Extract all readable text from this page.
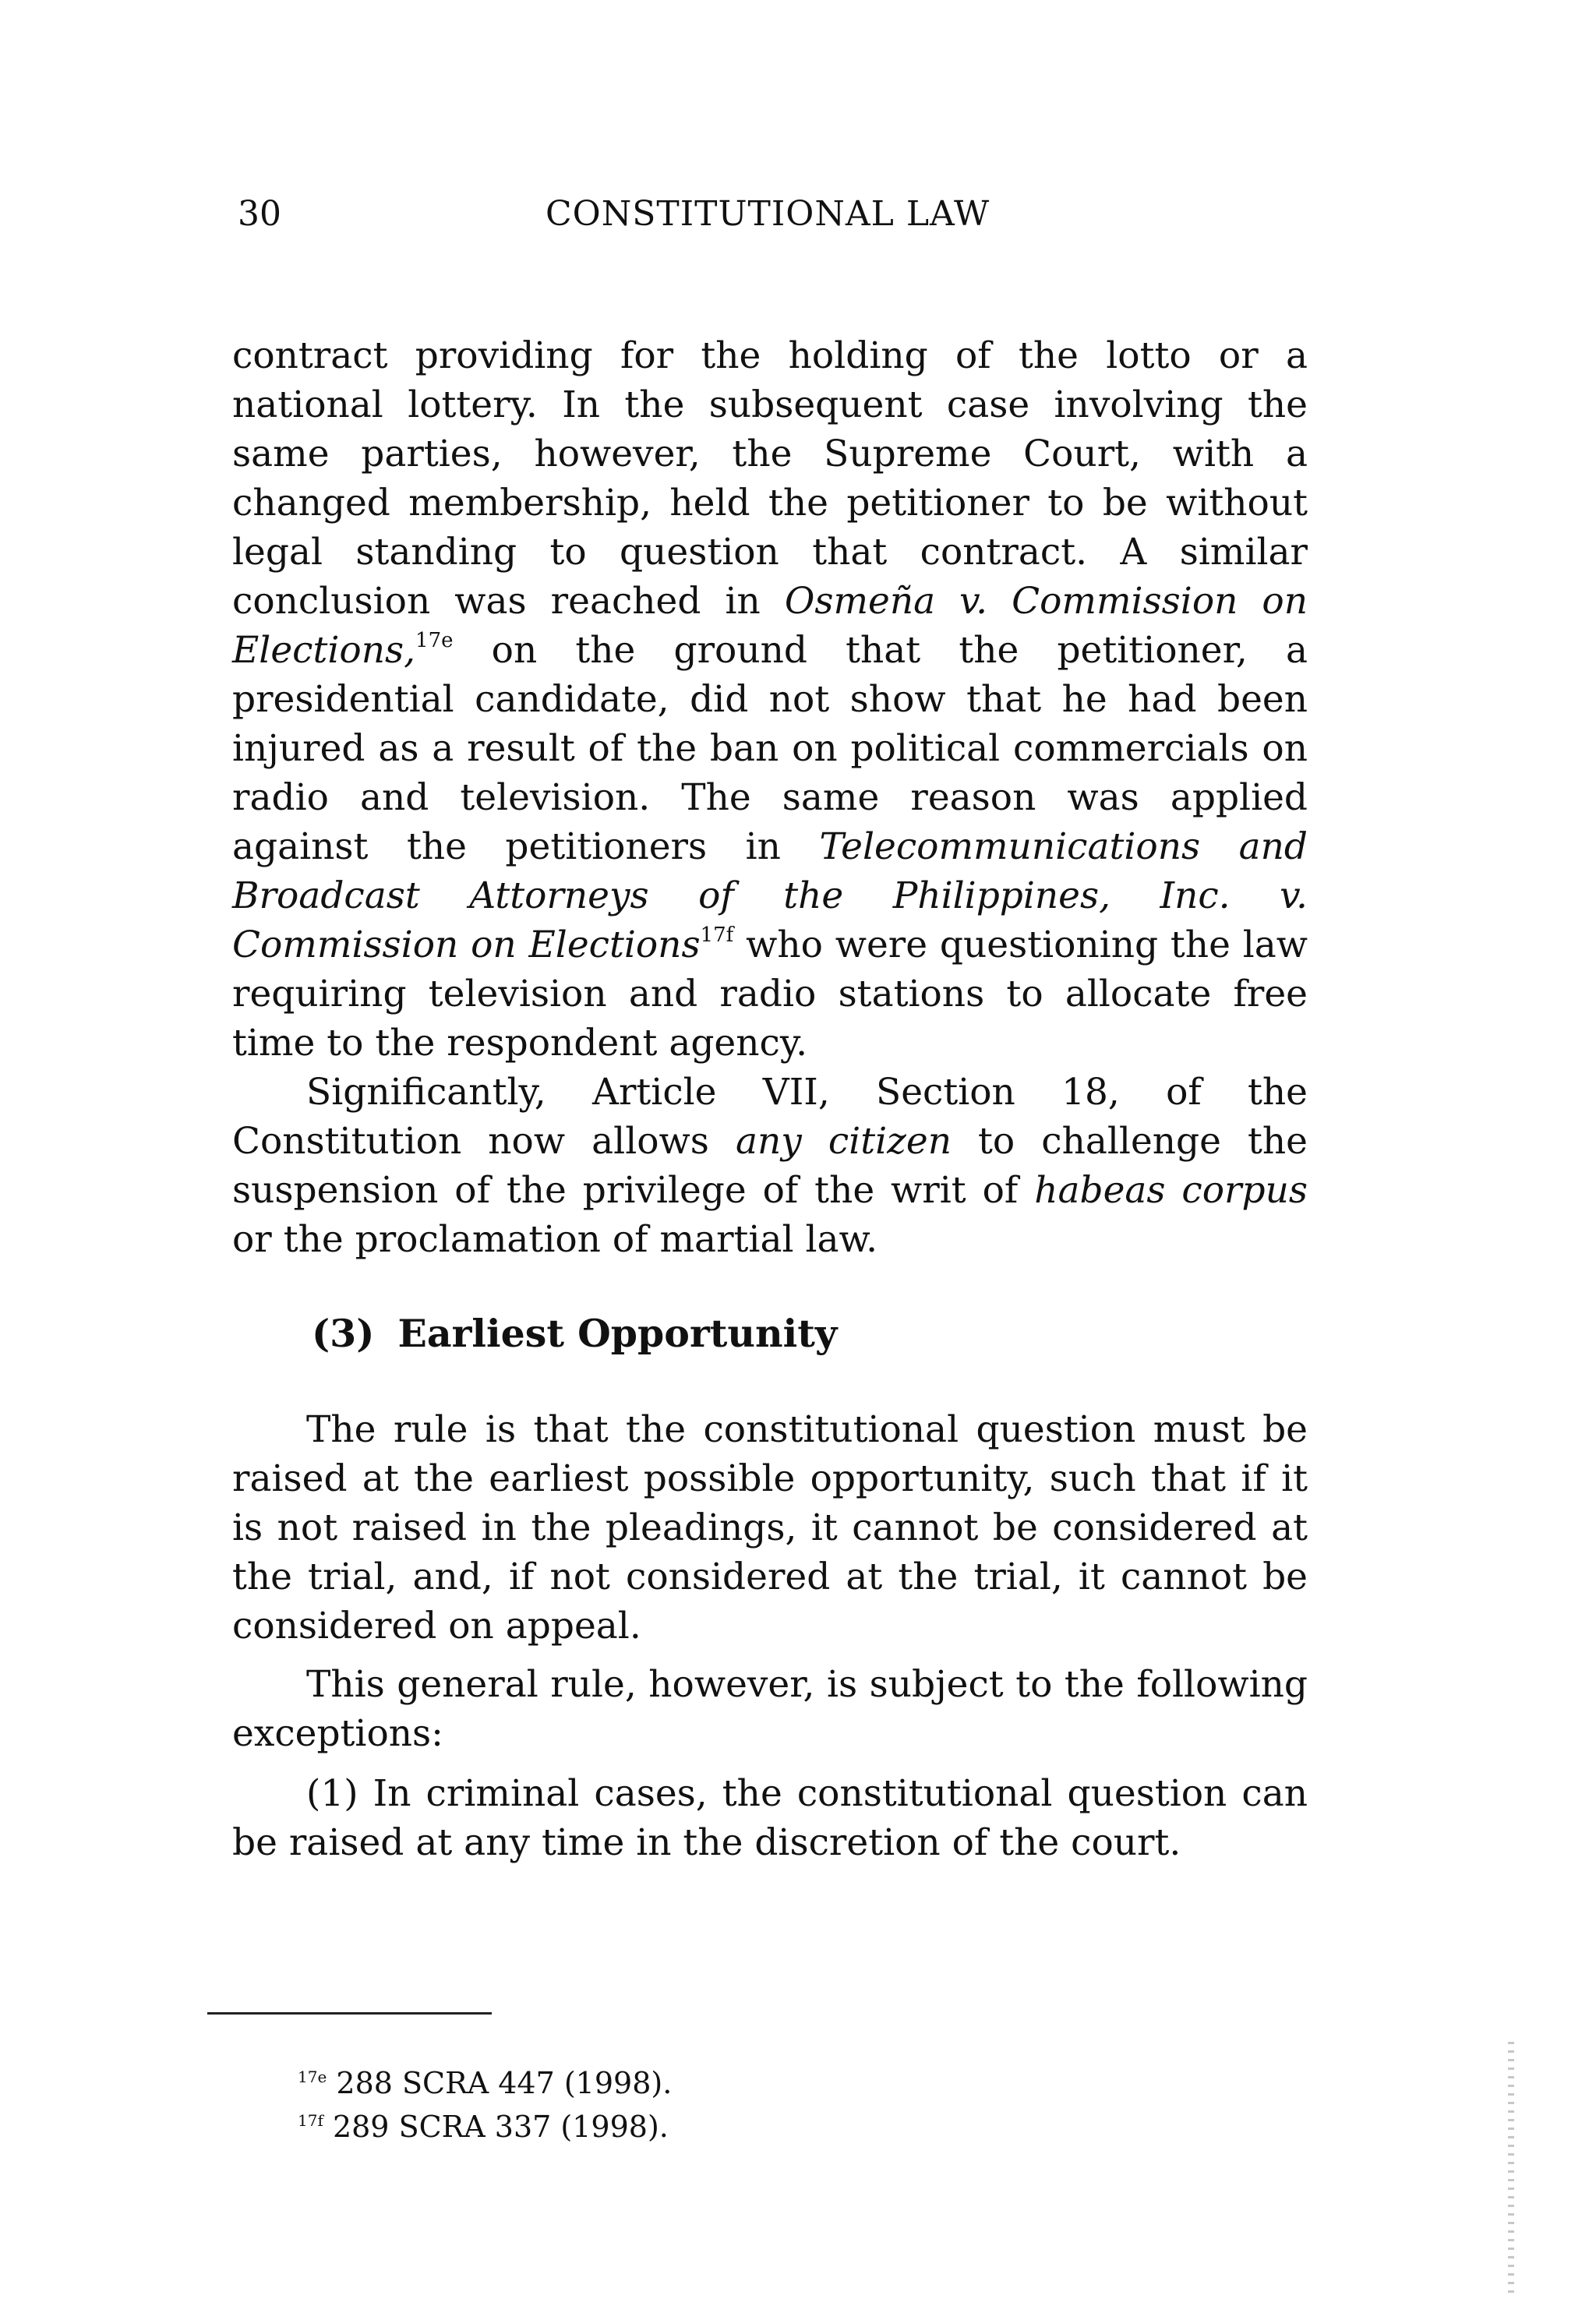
30	CONSTITUTIONAL LAW

contract providing for the holding of the lotto or a national lottery. In the subsequent case involving the same parties, however, the Supreme Court, with a changed membership, held the petitioner to be without legal standing to question that contract. A similar conclusion was reached in Osmeña v. Commission on Elections,$^{17e}$ on the ground that the petitioner, a presidential candidate, did not show that he had been injured as a result of the ban on political commercials on radio and television. The same reason was applied against the petitioners in Telecommunications and Broadcast Attorneys of the Philippines, Inc. v. Commission on Elections$^{17f}$ who were questioning the law requiring television and radio stations to allocate free time to the respondent agency.

Significantly, Article VII, Section 18, of the Constitution now allows any citizen to challenge the suspension of the privilege of the writ of habeas corpus or the proclamation of martial law.

(3) Earliest Opportunity

The rule is that the constitutional question must be raised at the earliest possible opportunity, such that if it is not raised in the pleadings, it cannot be considered at the trial, and, if not considered at the trial, it cannot be considered on appeal.

This general rule, however, is subject to the following exceptions:

(1) In criminal cases, the constitutional question can be raised at any time in the discretion of the court.

$^{17e}$ 288 SCRA 447 (1998).
$^{17f}$ 289 SCRA 337 (1998).
